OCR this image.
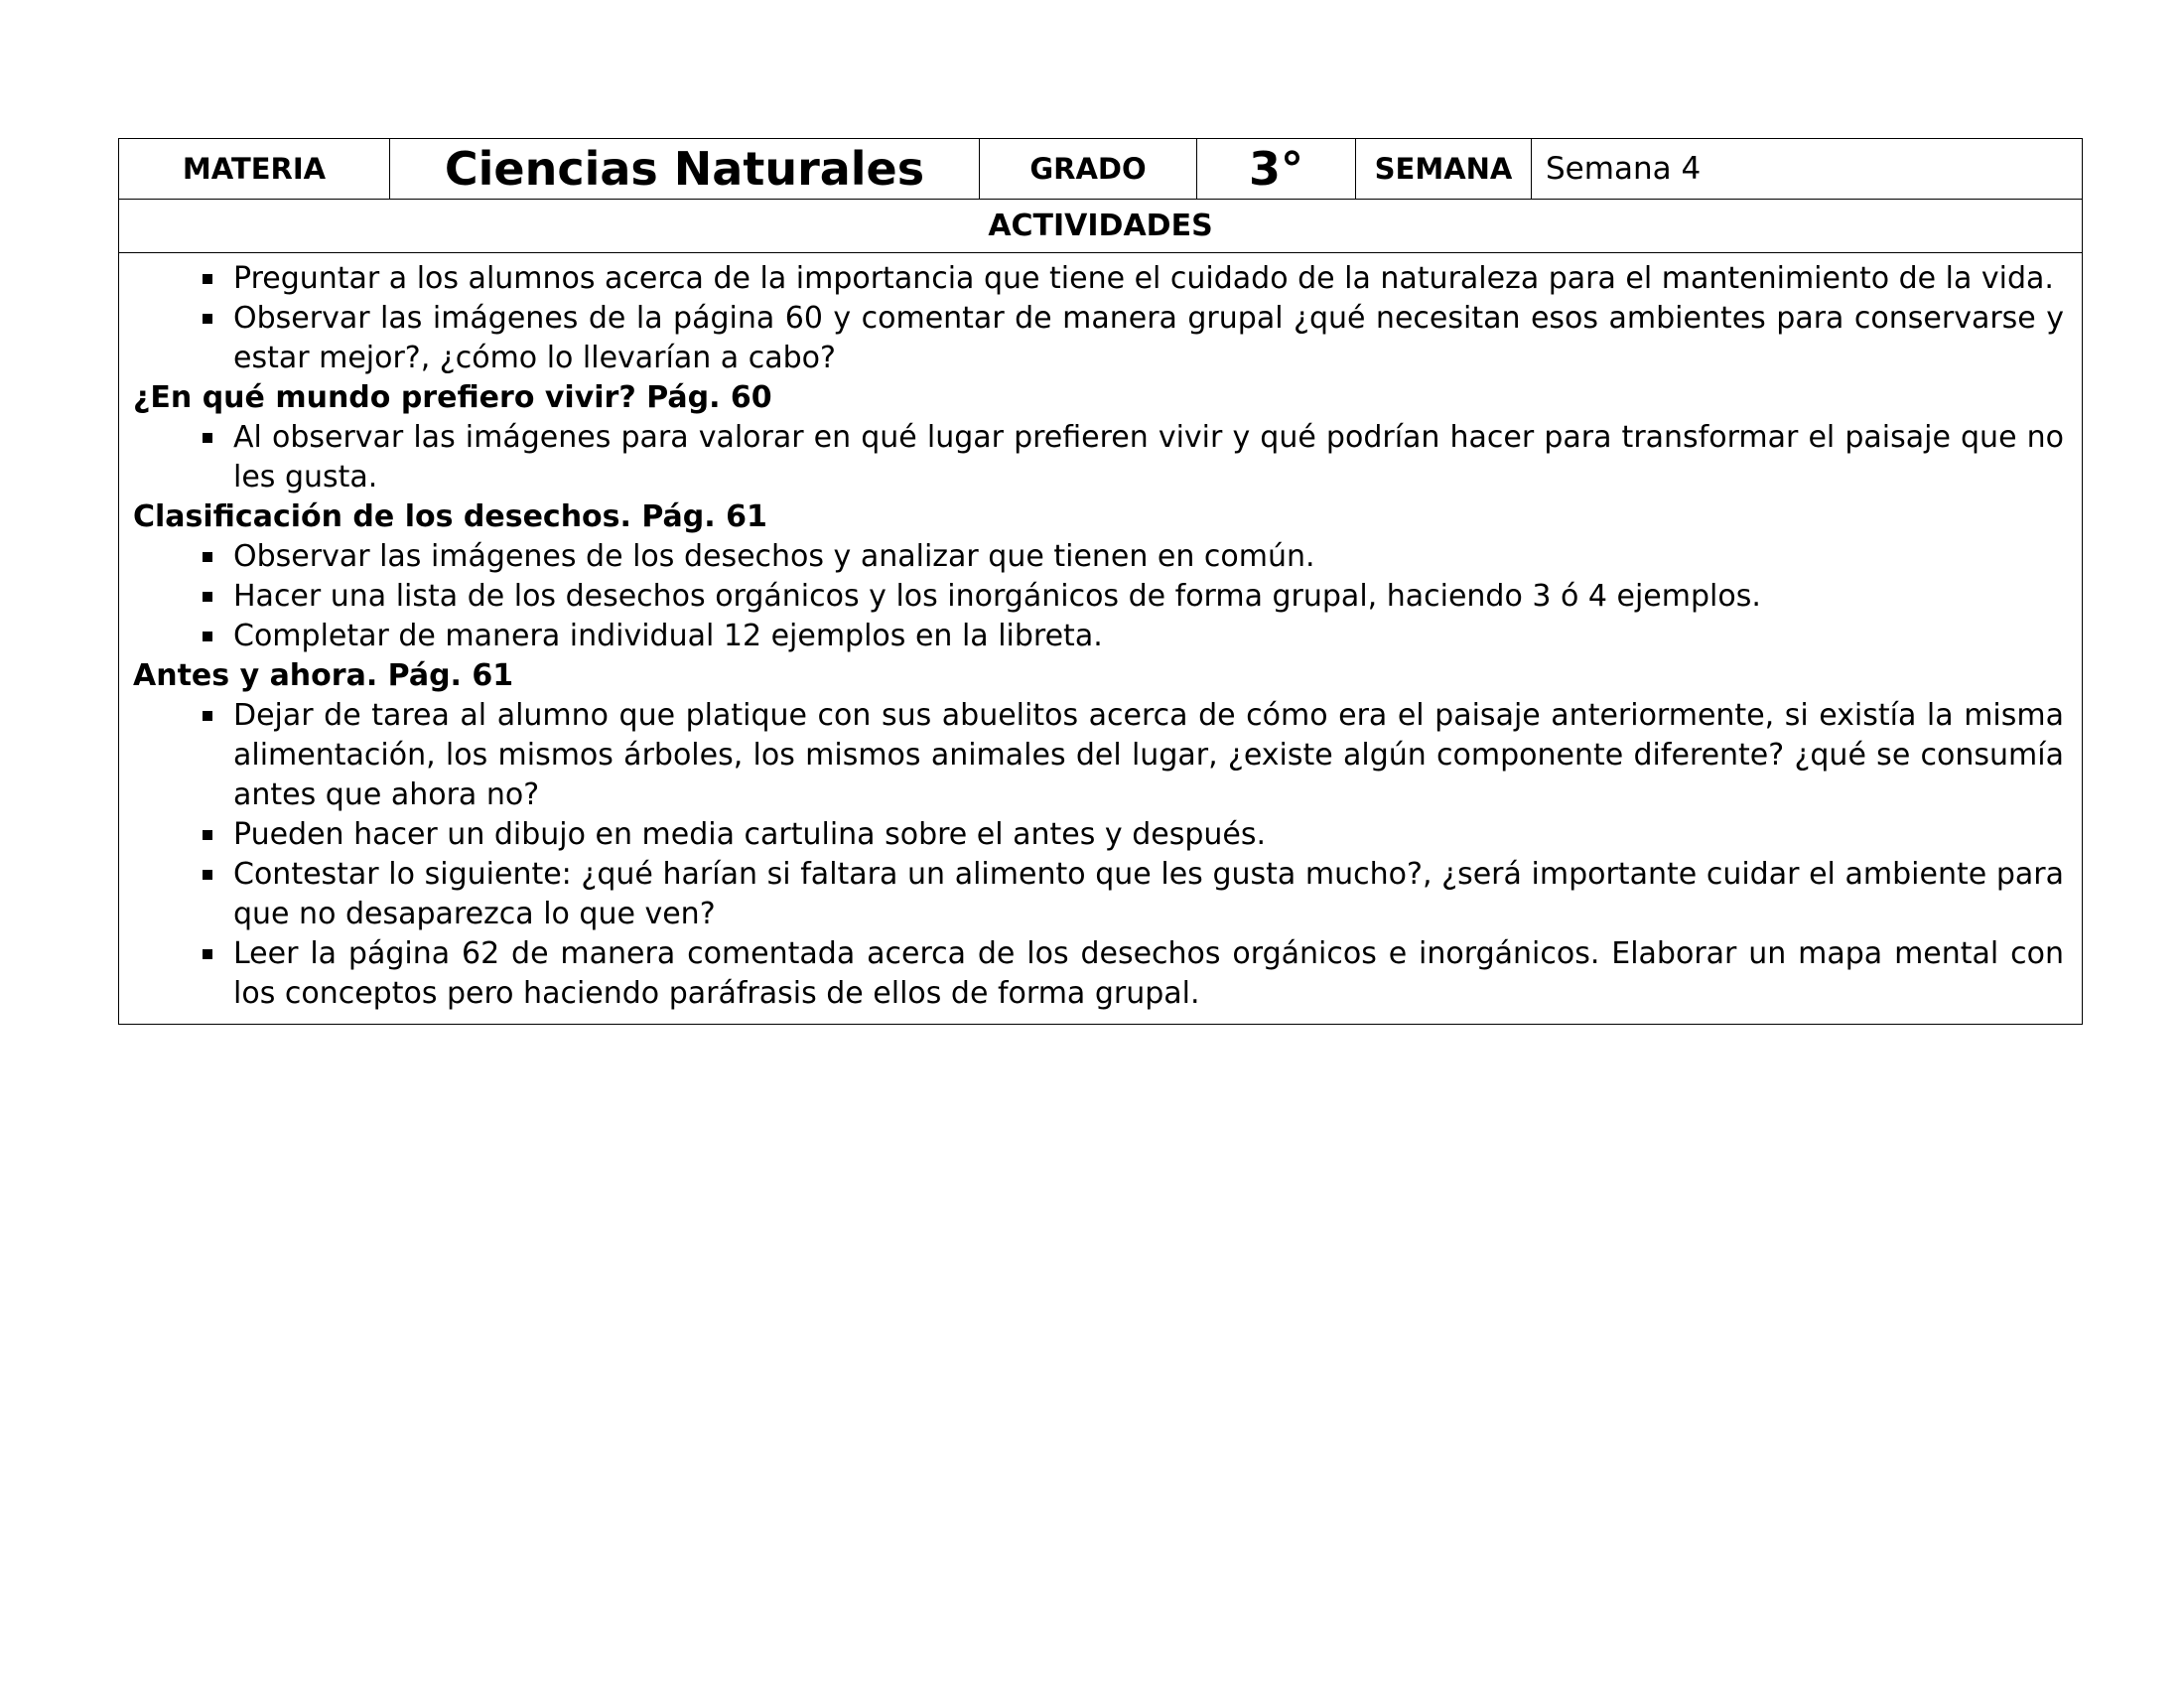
MATERIA	Ciencias Naturales	GRADO	3°	SEMANA	Semana 4
ACTIVIDADES

Preguntar a los alumnos acerca de la importancia que tiene el cuidado de la naturaleza para el mantenimiento de la vida.
Observar las imágenes de la página 60 y comentar de manera grupal ¿qué necesitan esos ambientes para conservarse y estar mejor?, ¿cómo lo llevarían a cabo?

¿En qué mundo prefiero vivir? Pág. 60

Al observar las imágenes para valorar en qué lugar prefieren vivir y qué podrían hacer para transformar el paisaje que no les gusta.

Clasificación de los desechos. Pág. 61

Observar las imágenes de los desechos y analizar que tienen en común.
Hacer una lista de los desechos orgánicos y los inorgánicos de forma grupal, haciendo 3 ó 4 ejemplos.
Completar de manera individual 12 ejemplos en la libreta.

Antes y ahora. Pág. 61

Dejar de tarea al alumno que platique con sus abuelitos acerca de cómo era el paisaje anteriormente, si existía la misma alimentación, los mismos árboles, los mismos animales del lugar, ¿existe algún componente diferente? ¿qué se consumía antes que ahora no?
Pueden hacer un dibujo en media cartulina sobre el antes y después.
Contestar lo siguiente: ¿qué harían si faltara un alimento que les gusta mucho?, ¿será importante cuidar el ambiente para que no desaparezca lo que ven?
Leer la página 62 de manera comentada acerca de los desechos orgánicos e inorgánicos. Elaborar un mapa mental con los conceptos pero haciendo paráfrasis de ellos de forma grupal.
